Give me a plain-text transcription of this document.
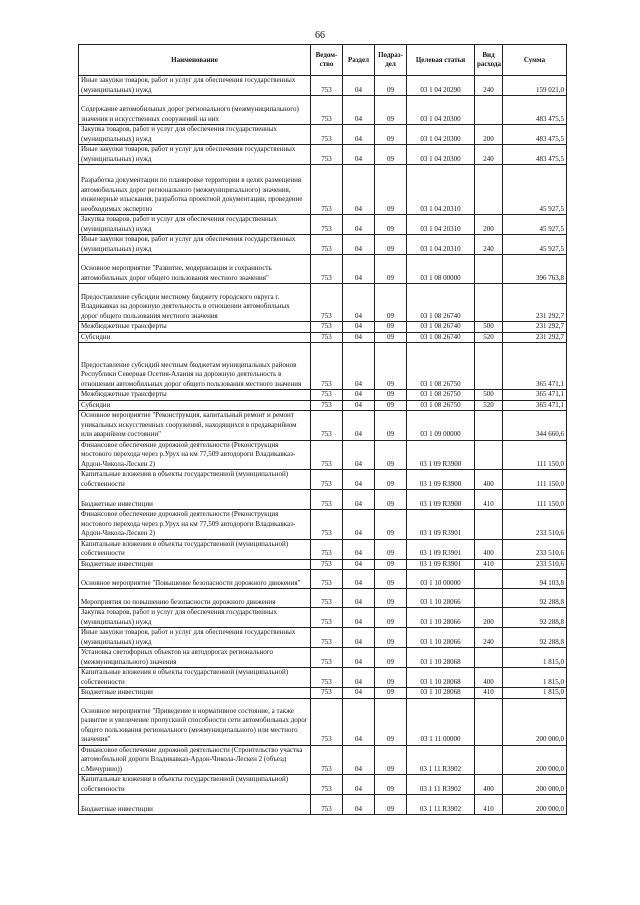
66
Наименование	Ведом-ство	Раздел	Подраз-дел	Целевая статья	Вид расхода	Сумма
Иные закупки товаров, работ и услуг для обеспечения государственных (муниципальных) нужд	753	04	09	03 1 04 20290	240	159 021,0
Содержание автомобильных дорог регионального (межмуниципального) значения и искусственных сооружений на них	753	04	09	03 1 04 20300		483 475,5
Закупка товаров, работ и услуг для обеспечения государственных (муниципальных) нужд	753	04	09	03 1 04 20300	200	483 475,5
Иные закупки товаров, работ и услуг для обеспечения государственных (муниципальных) нужд	753	04	09	03 1 04 20300	240	483 475,5
Разработка документации по планировке территории в целях размещения автомобильных дорог регионального (межмуниципального) значения, инженерные изыскания, разработка проектной документации, проведение необходимых экспертиз	753	04	09	03 1 04 20310		45 927,5
Закупка товаров, работ и услуг для обеспечения государственных (муниципальных) нужд	753	04	09	03 1 04 20310	200	45 927,5
Иные закупки товаров, работ и услуг для обеспечения государственных (муниципальных) нужд	753	04	09	03 1 04 20310	240	45 927,5
Основное мероприятие "Развитие, модернизация и сохранность автомобильных дорог общего пользования местного значения"	753	04	09	03 1 08 00000		396 763,8
Предоставление субсидии местному бюджету городского округа г. Владикавказ на дорожную деятельность в отношении автомобильных дорог общего пользования местного значения	753	04	09	03 1 08 26740		231 292,7
Межбюджетные трансферты	753	04	09	03 1 08 26740	500	231 292,7
Субсидии	753	04	09	03 1 08 26740	520	231 292,7
Предоставление субсидий местным бюджетам муниципальных районов Республики Северная Осетия-Алания на дорожную деятельность в отношении автомобильных дорог общего пользования местного значения	753	04	09	03 1 08 26750		365 471,1
Межбюджетные трансферты	753	04	09	03 1 08 26750	500	365 471,1
Субсидии	753	04	09	03 1 08 26750	520	365 471,1
Основное мероприятие "Реконструкция, капитальный ремонт и ремонт уникальных искусственных сооружений, находящихся в предаварийном или аварийном состоянии"	753	04	09	03 1 09 00000		344 660,6
Финансовое обеспечение дорожной деятельности (Реконструкция мостового перехода через р.Урух на км 77,509 автодороги Владикавказ-Ардон-Чикола-Лескен 2)	753	04	09	03 1 09 R3900		111 150,0
Капитальные вложения в объекты государственной (муниципальной) собственности	753	04	09	03 1 09 R3900	400	111 150,0
Бюджетные инвестиции	753	04	09	03 1 09 R3900	410	111 150,0
Финансовое обеспечение дорожной деятельности (Реконструкция мостового перехода через р.Урух на км 77,509 автодороги Владикавказ-Ардон-Чикола-Лескен 2)	753	04	09	03 1 09 R3901		233 510,6
Капитальные вложения в объекты государственной (муниципальной) собственности	753	04	09	03 1 09 R3901	400	233 510,6
Бюджетные инвестиции	753	04	09	03 1 09 R3901	410	233 510,6
Основное мероприятие "Повышение безопасности дорожного движения"	753	04	09	03 1 10 00000		94 103,8
Мероприятия по повышению безопасности дорожного движения	753	04	09	03 1 10 28066		92 288,8
Закупка товаров, работ и услуг для обеспечения государственных (муниципальных) нужд	753	04	09	03 1 10 28066	200	92 288,8
Иные закупки товаров, работ и услуг для обеспечения государственных (муниципальных) нужд	753	04	09	03 1 10 28066	240	92 288,8
Установка светофорных объектов на автодорогах регионального (межмуниципального) значения	753	04	09	03 1 10 28068		1 815,0
Капитальные вложения в объекты государственной (муниципальной) собственности	753	04	09	03 1 10 28068	400	1 815,0
Бюджетные инвестиции	753	04	09	03 1 10 28068	410	1 815,0
Основное мероприятие "Приведение в нормативное состояние, а также развитие и увеличение пропускной способности сети автомобильных дорог общего пользования регионального (межмуниципального) или местного значения"	753	04	09	03 1 11 00000		200 000,0
Финансовое обеспечение дорожной деятельности (Строительство участка автомобильной дороги Владикавказ-Ардон-Чикола-Лескен 2 (объезд с.Мичурино))	753	04	09	03 1 11 R3902		200 000,0
Капитальные вложения в объекты государственной (муниципальной) собственности	753	04	09	03 1 11 R3902	400	200 000,0
Бюджетные инвестиции	753	04	09	03 1 11 R3902	410	200 000,0
